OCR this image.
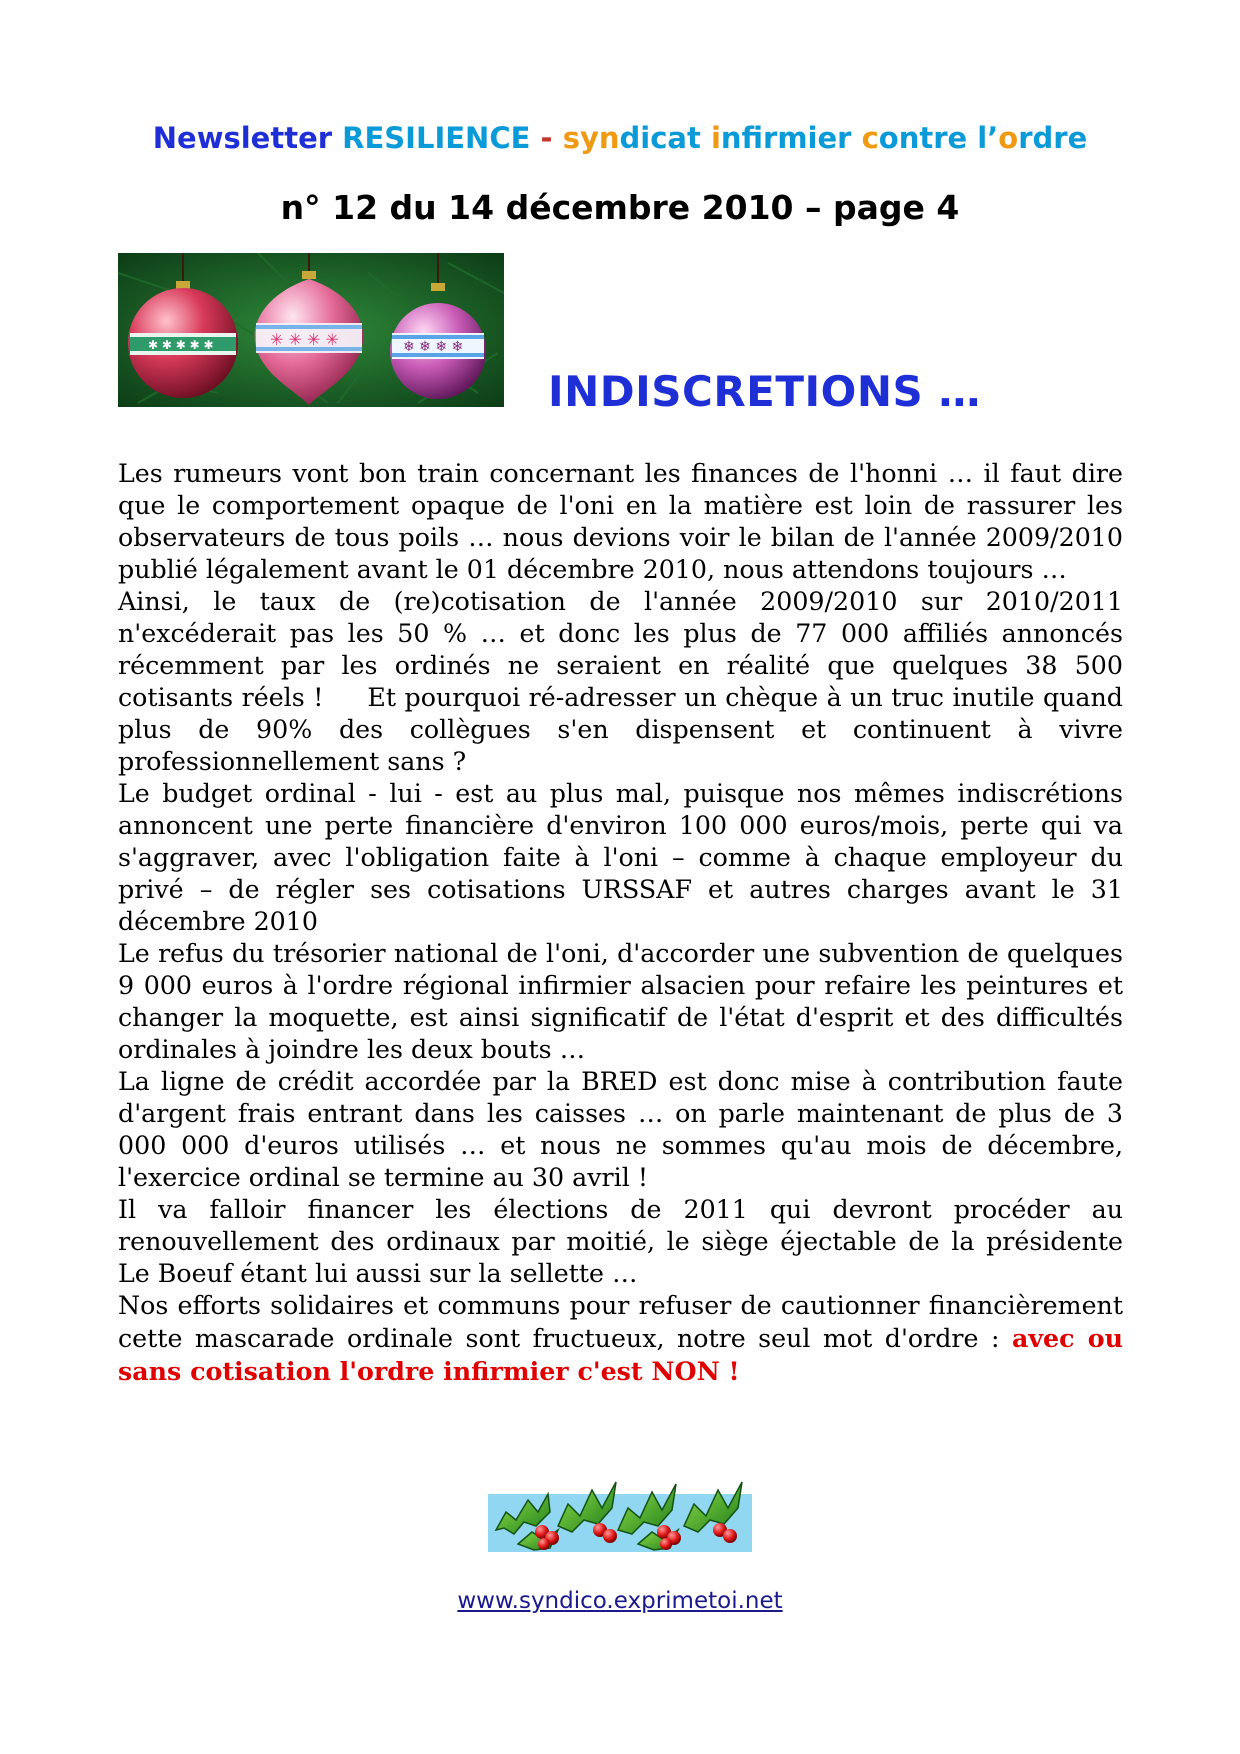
Newsletter RESILIENCE - syndicat infirmier contre l’ordre
n° 12 du 14 décembre 2010 – page 4
✱ ✱ ✱ ✱ ✱	✳ ✳ ✳ ✳	❄ ❄ ❄ ❄
INDISCRETIONS …

Les rumeurs vont bon train concernant les finances de l'honni … il faut dire que le comportement opaque de l'oni en la matière est loin de rassurer les observateurs de tous poils … nous devions voir le bilan de l'année 2009/2010 publié légalement avant le 01 décembre 2010, nous attendons toujours …

Ainsi, le taux de (re)cotisation de l'année 2009/2010 sur 2010/2011 n'excéderait pas les 50 % … et donc les plus de 77 000 affiliés annoncés récemment par les ordinés ne seraient en réalité que quelques 38 500 cotisants réels ! Et pourquoi ré-adresser un chèque à un truc inutile quand plus de 90% des collègues s'en dispensent et continuent à vivre professionnellement sans ?

Le budget ordinal - lui - est au plus mal, puisque nos mêmes indiscrétions annoncent une perte financière d'environ 100 000 euros/mois, perte qui va s'aggraver, avec l'obligation faite à l'oni – comme à chaque employeur du privé – de régler ses cotisations URSSAF et autres charges avant le 31 décembre 2010

Le refus du trésorier national de l'oni, d'accorder une subvention de quelques 9 000 euros à l'ordre régional infirmier alsacien pour refaire les peintures et changer la moquette, est ainsi significatif de l'état d'esprit et des difficultés ordinales à joindre les deux bouts …

La ligne de crédit accordée par la BRED est donc mise à contribution faute d'argent frais entrant dans les caisses … on parle maintenant de plus de 3 000 000 d'euros utilisés … et nous ne sommes qu'au mois de décembre, l'exercice ordinal se termine au 30 avril !

Il va falloir financer les élections de 2011 qui devront procéder au renouvellement des ordinaux par moitié, le siège éjectable de la présidente Le Boeuf étant lui aussi sur la sellette …

Nos efforts solidaires et communs pour refuser de cautionner financièrement cette mascarade ordinale sont fructueux, notre seul mot d'ordre : avec ou sans cotisation l'ordre infirmier c'est NON !

www.syndico.exprimetoi.net
